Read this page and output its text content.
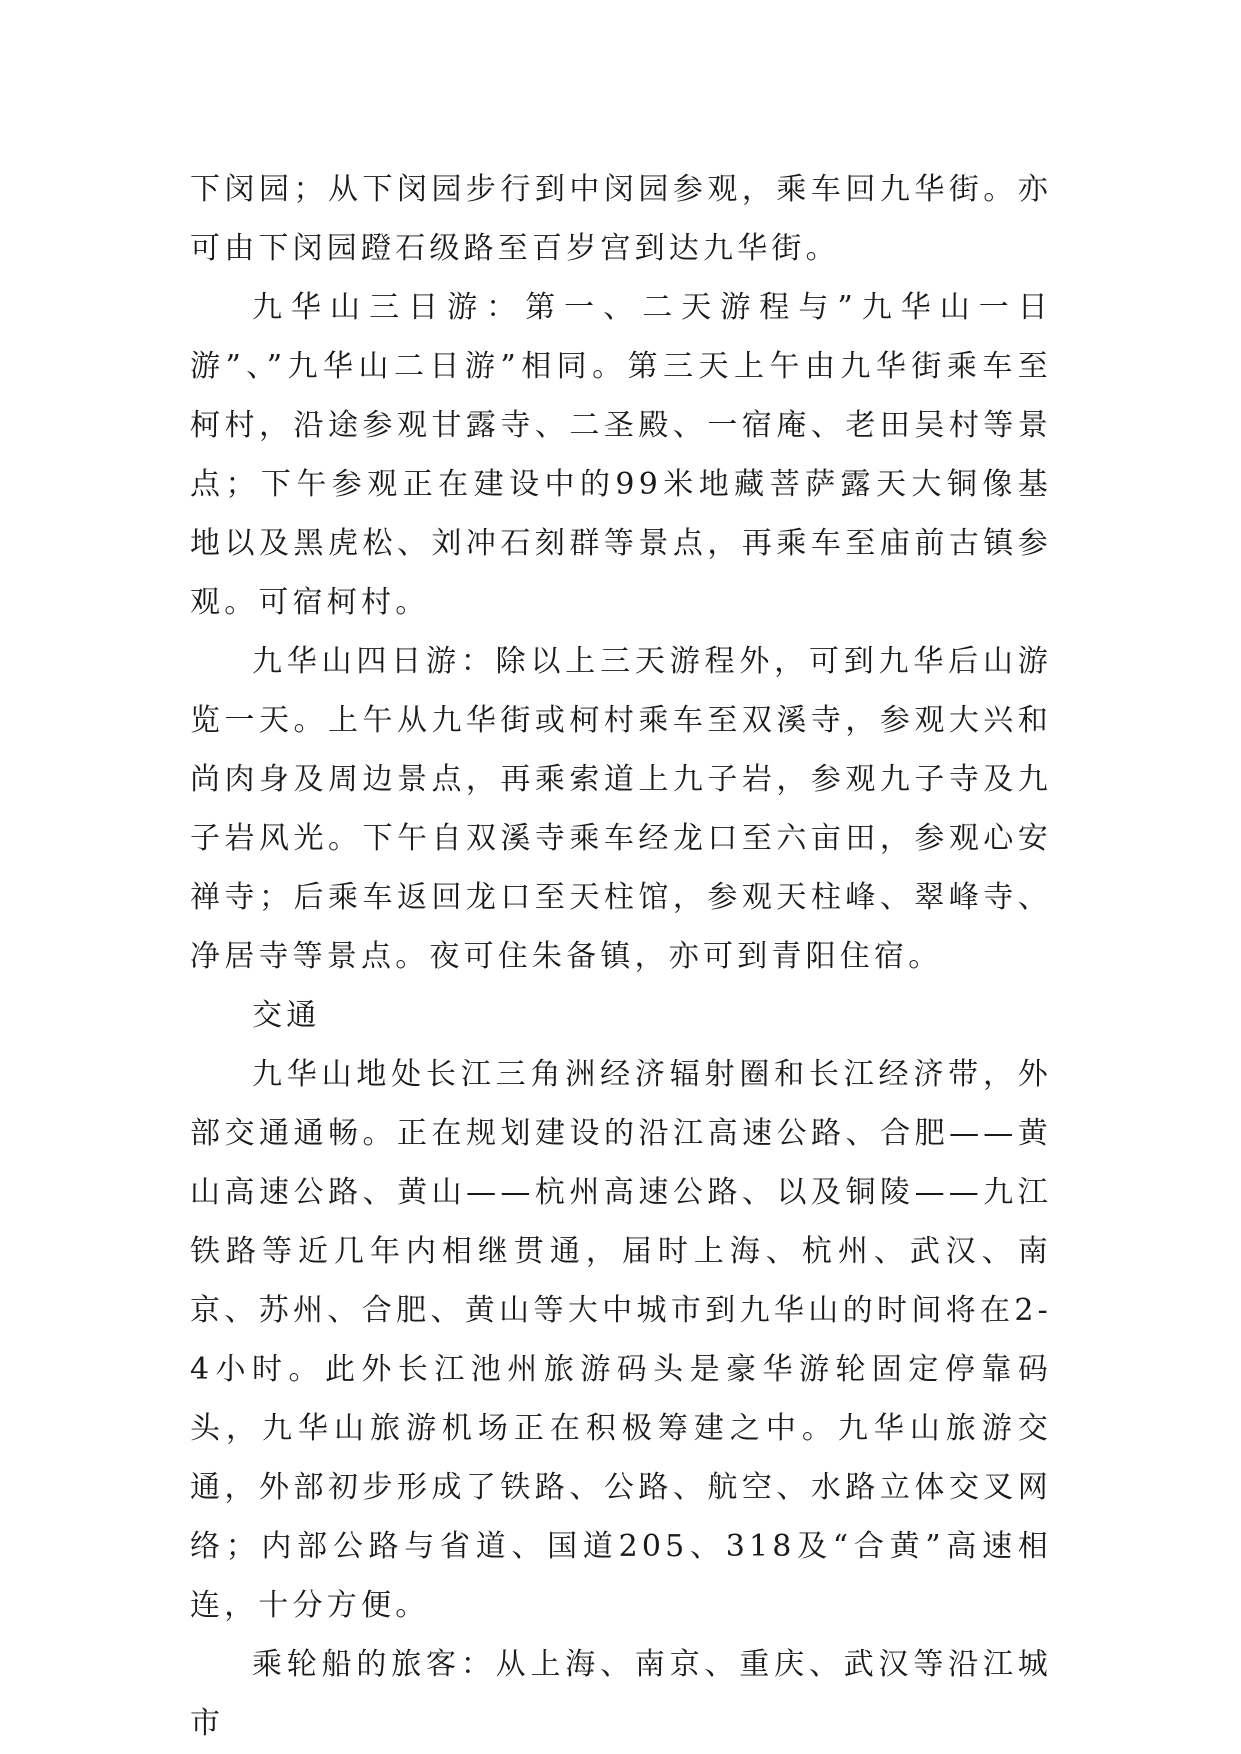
下闵园；从下闵园步行到中闵园参观，乘车回九华街。亦可由下闵园蹬石级路至百岁宫到达九华街。

九华山三日游：第一、二天游程与”九华山一日游”、”九华山二日游”相同。第三天上午由九华街乘车至柯村，沿途参观甘露寺、二圣殿、一宿庵、老田吴村等景点；下午参观正在建设中的99米地藏菩萨露天大铜像基地以及黑虎松、刘冲石刻群等景点，再乘车至庙前古镇参观。可宿柯村。

九华山四日游：除以上三天游程外，可到九华后山游览一天。上午从九华街或柯村乘车至双溪寺，参观大兴和尚肉身及周边景点，再乘索道上九子岩，参观九子寺及九子岩风光。下午自双溪寺乘车经龙口至六亩田，参观心安禅寺；后乘车返回龙口至天柱馆，参观天柱峰、翠峰寺、净居寺等景点。夜可住朱备镇，亦可到青阳住宿。

交通

九华山地处长江三角洲经济辐射圈和长江经济带，外部交通通畅。正在规划建设的沿江高速公路、合肥——黄山高速公路、黄山——杭州高速公路、以及铜陵——九江铁路等近几年内相继贯通，届时上海、杭州、武汉、南京、苏州、合肥、黄山等大中城市到九华山的时间将在2-4小时。此外长江池州旅游码头是豪华游轮固定停靠码头，九华山旅游机场正在积极筹建之中。九华山旅游交通，外部初步形成了铁路、公路、航空、水路立体交叉网络；内部公路与省道、国道205、318及“合黄”高速相连，十分方便。

乘轮船的旅客：从上海、南京、重庆、武汉等沿江城市
